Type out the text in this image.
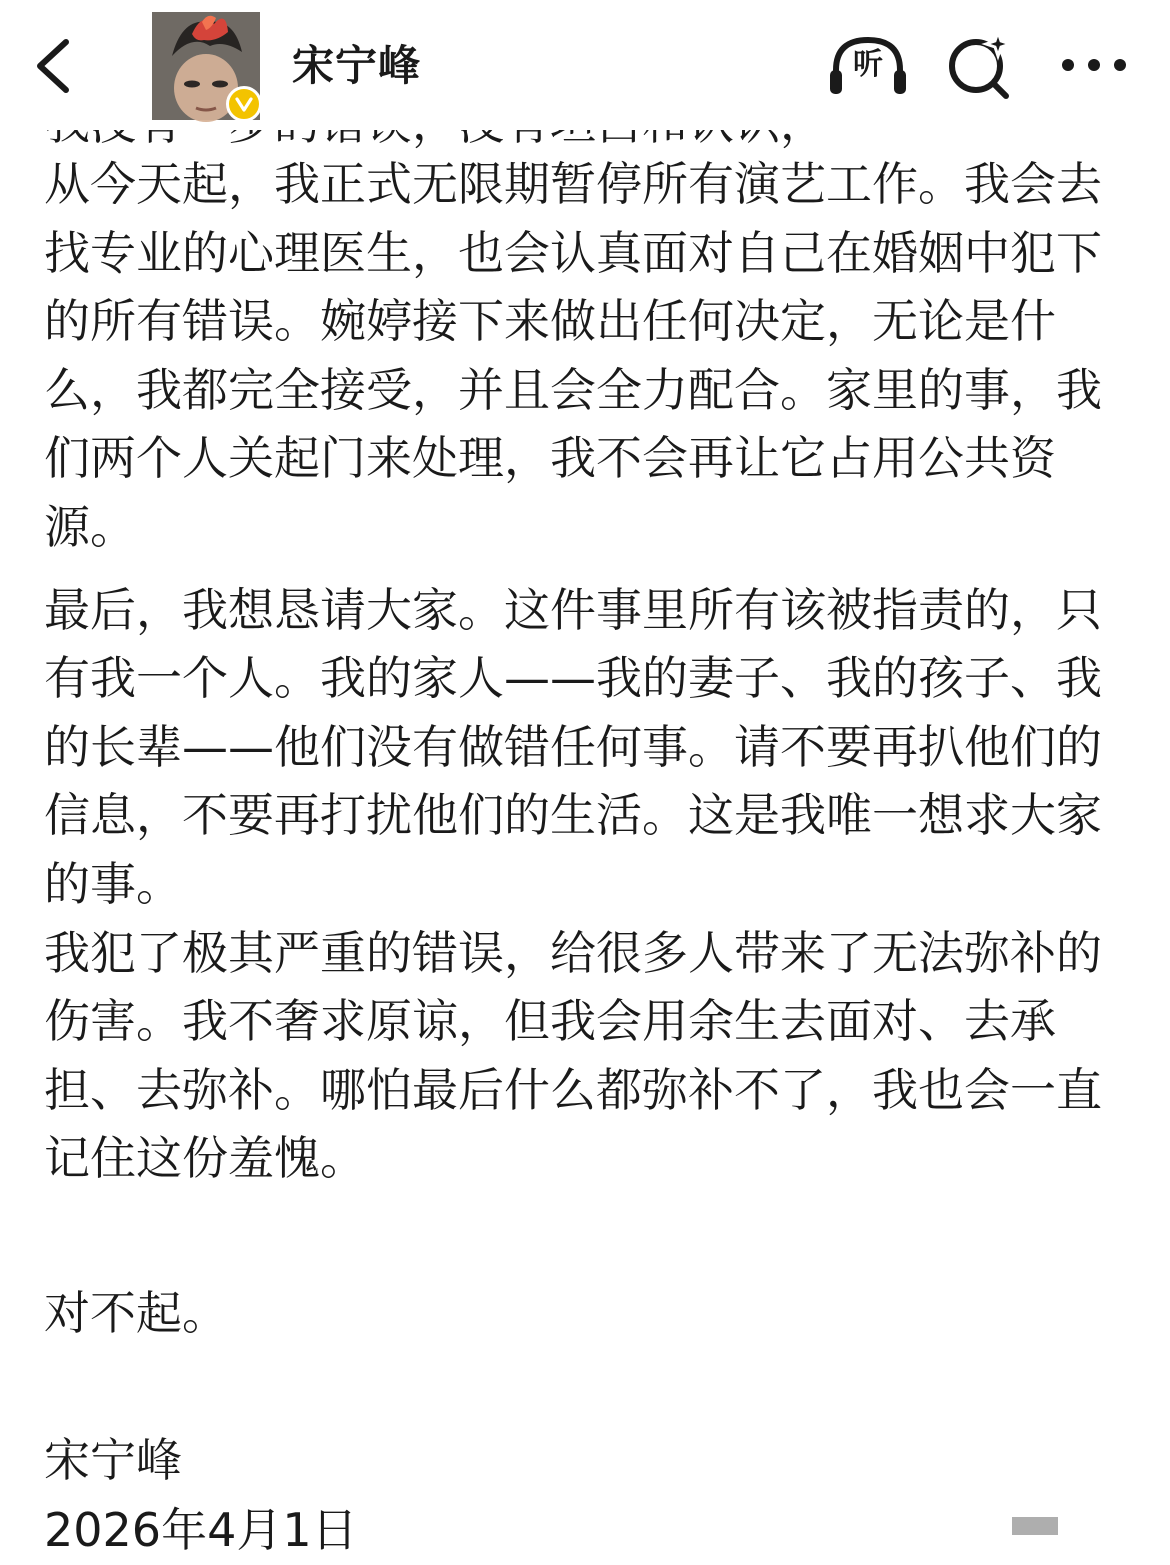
宋宁峰	听

从今天起，我正式无限期暂停所有演艺工作。我会去找专业的心理医生，也会认真面对自己在婚姻中犯下的所有错误。婉婷接下来做出任何决定，无论是什么，我都完全接受，并且会全力配合。家里的事，我们两个人关起门来处理，我不会再让它占用公共资源。

最后，我想恳请大家。这件事里所有该被指责的，只有我一个人。我的家人——我的妻子、我的孩子、我的长辈——他们没有做错任何事。请不要再扒他们的信息，不要再打扰他们的生活。这是我唯一想求大家的事。

我犯了极其严重的错误，给很多人带来了无法弥补的伤害。我不奢求原谅，但我会用余生去面对、去承担、去弥补。哪怕最后什么都弥补不了，我也会一直记住这份羞愧。

对不起。

宋宁峰

2026年4月1日
